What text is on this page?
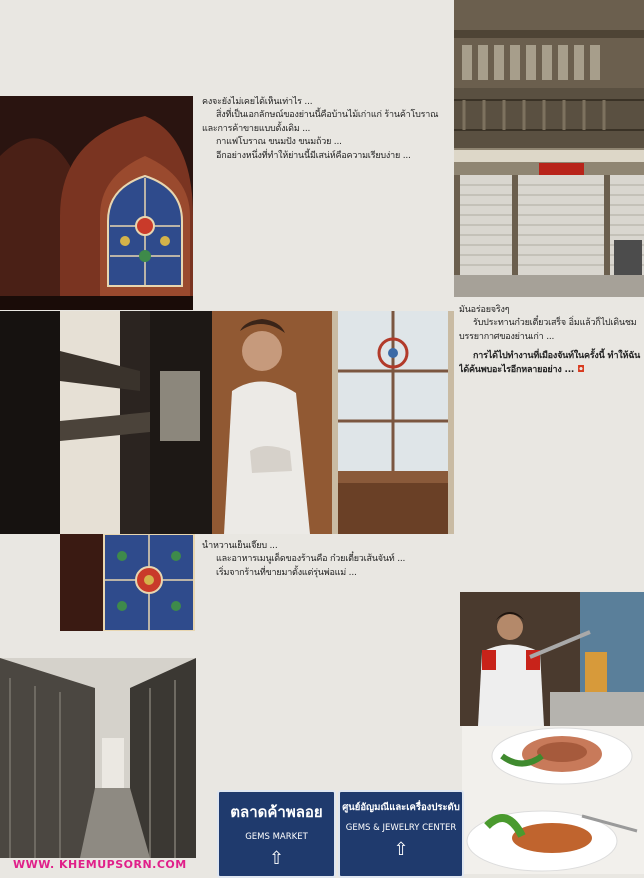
ตลาดค้าพลอย
GEMS MARKET
⇧
ศูนย์อัญมณีและเครื่องประดับ
GEMS & JEWELRY CENTER
⇧

คงจะยังไม่เคยได้เห็นเท่าไร ...

สิ่งที่เป็นเอกลักษณ์ของย่านนี้คือบ้านไม้เก่าแก่ ร้านค้าโบราณ และการค้าขายแบบดั้งเดิม ...

กาแฟโบราณ ขนมปัง ขนมถ้วย ...

อีกอย่างหนึ่งที่ทำให้ย่านนี้มีเสน่ห์คือความเรียบง่าย ...

น้ำหวานเย็นเจี๊ยบ ...

และอาหารเมนูเด็ดของร้านคือ ก๋วยเตี๋ยวเส้นจันท์ ...

เริ่มจากร้านที่ขายมาตั้งแต่รุ่นพ่อแม่ ...

มันอร่อยจริงๆ

รับประทานก๋วยเตี๋ยวเสร็จ อิ่มแล้วก็ไปเดินชมบรรยากาศของย่านเก่า ...

การได้ไปทำงานที่เมืองจันท์ในครั้งนี้ ทำให้ฉันได้ค้นพบอะไรอีกหลายอย่าง ... ◘

WWW. KHEMUPSORN.COM
